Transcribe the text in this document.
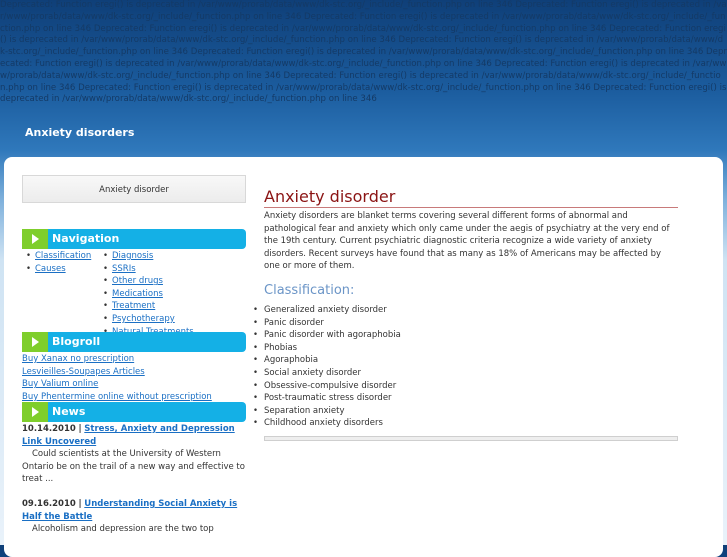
Deprecated: Function eregi() is deprecated in /var/www/prorab/data/www/dk-stc.org/_include/_function.php on line 346 Deprecated: Function eregi() is deprecated in /var/www/prorab/data/www/dk-stc.org/_include/_function.php on line 346 Deprecated: Function eregi() is deprecated in /var/www/prorab/data/www/dk-stc.org/_include/_function.php on line 346 Deprecated: Function eregi() is deprecated in /var/www/prorab/data/www/dk-stc.org/_include/_function.php on line 346 Deprecated: Function eregi() is deprecated in /var/www/prorab/data/www/dk-stc.org/_include/_function.php on line 346 Deprecated: Function eregi() is deprecated in /var/www/prorab/data/www/dk-stc.org/_include/_function.php on line 346 Deprecated: Function eregi() is deprecated in /var/www/prorab/data/www/dk-stc.org/_include/_function.php on line 346 Deprecated: Function eregi() is deprecated in /var/www/prorab/data/www/dk-stc.org/_include/_function.php on line 346 Deprecated: Function eregi() is deprecated in /var/www/prorab/data/www/dk-stc.org/_include/_function.php on line 346 Deprecated: Function eregi() is deprecated in /var/www/prorab/data/www/dk-stc.org/_include/_function.php on line 346 Deprecated: Function eregi() is deprecated in /var/www/prorab/data/www/dk-stc.org/_include/_function.php on line 346 Deprecated: Function eregi() is deprecated in /var/www/prorab/data/www/dk-stc.org/_include/_function.php on line 346
Anxiety disorders
Anxiety disorder
Navigation
• Classification
• Causes
• Diagnosis
• SSRIs
• Other drugs
• Medications
• Treatment
• Psychotherapy
•
Blogroll
Buy Xanax no prescription
Lesvieilles-Soupapes Articles
Buy Valium online
Buy Phentermine online without prescription
News
10.14.2010 | Stress, Anxiety and Depression Link Uncovered
Could scientists at the University of Western Ontario be on the trail of a new way and effective to treat ...
09.16.2010 | Understanding Social Anxiety is Half the Battle
Alcoholism and depression are the two top
Anxiety disorder

Anxiety disorders are blanket terms covering several different forms of abnormal and pathological fear and anxiety which only came under the aegis of psychiatry at the very end of the 19th century. Current psychiatric diagnostic criteria recognize a wide variety of anxiety disorders. Recent surveys have found that as many as 18% of Americans may be affected by one or more of them.

Classification:
• Generalized anxiety disorder
• Panic disorder
• Panic disorder with agoraphobia
• Phobias
• Agoraphobia
• Social anxiety disorder
• Obsessive-compulsive disorder
• Post-traumatic stress disorder
• Separation anxiety
• Childhood anxiety disorders
